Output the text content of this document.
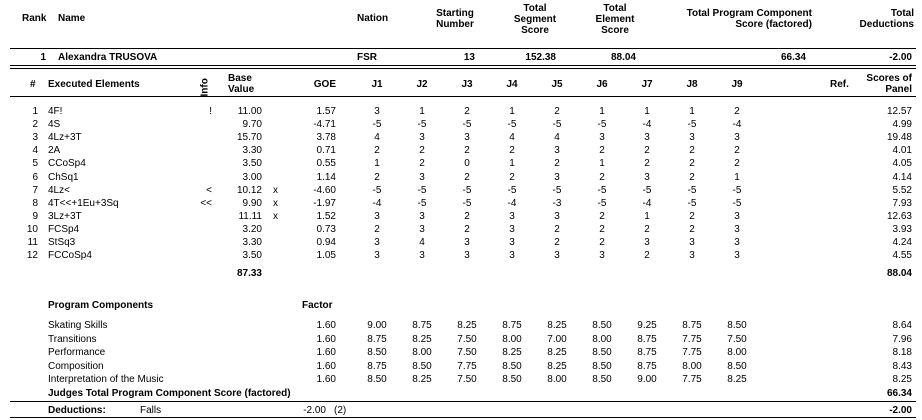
Rank Name	Nation	Starting
Number
Total
Segment
Score
Total
Element
Score
Total Program Component
Score (factored)
Total
Deductions
1 Alexandra TRUSOVA	FSR	13	152.38	88.04	66.34	-2.00
# Executed Elements	Info Base
Value	GOE	J1	J2	J3	J4	J5	J6	J7	J8	J9	Ref.
Scores of
Panel
1 4F!	!	11.00	1.57	3	1	2	1	2	1	1	1	2	12.57
2 4S	9.70	-4.71	-5	-5	-5	-5	-5	-5	-4	-5	-4	4.99
3 4Lz+3T	15.70	3.78	4	3	3	4	4	3	3	3	3	19.48
4 2A	3.30	0.71	2	2	2	2	3	2	2	2	2	4.01
5 CCoSp4	3.50	0.55	1	2	0	1	2	1	2	2	2	4.05
6 ChSq1	3.00	1.14	2	3	2	2	3	2	3	2	1	4.14
7 4Lz<	<	10.12 x	-4.60	-5	-5	-5	-5	-5	-5	-5	-5	-5	5.52
8 4T<<+1Eu+3Sq	<<	9.90 x	-1.97	-4	-5	-5	-4	-3	-5	-4	-5	-5	7.93
9 3Lz+3T	11.11 x	1.52	3	3	2	3	3	2	1	2	3	12.63
10 FCSp4	3.20	0.73	2	3	2	3	2	2	2	2	3	3.93
11 StSq3	3.30	0.94	3	4	3	3	2	2	3	3	3	4.24
12 FCCoSp4	3.50	1.05	3	3	3	3	3	3	2	3	3	4.55
87.33	88.04
Program Components	Factor
Skating Skills	1.60	9.00	8.75	8.25	8.75	8.25	8.50	9.25	8.75	8.50	8.64
Transitions	1.60	8.75	8.25	7.50	8.00	7.00	8.00	8.75	7.75	7.50	7.96
Performance	1.60	8.50	8.00	7.50	8.25	8.25	8.50	8.75	7.75	8.00	8.18
Composition	1.60	8.75	8.50	7.75	8.50	8.25	8.50	8.75	8.00	8.50	8.43
Interpretation of the Music	1.60	8.50	8.25	7.50	8.50	8.00	8.50	9.00	7.75	8.25	8.25
Judges Total Program Component Score (factored)	66.34
Deductions:	Falls	-2.00 (2)	-2.00
